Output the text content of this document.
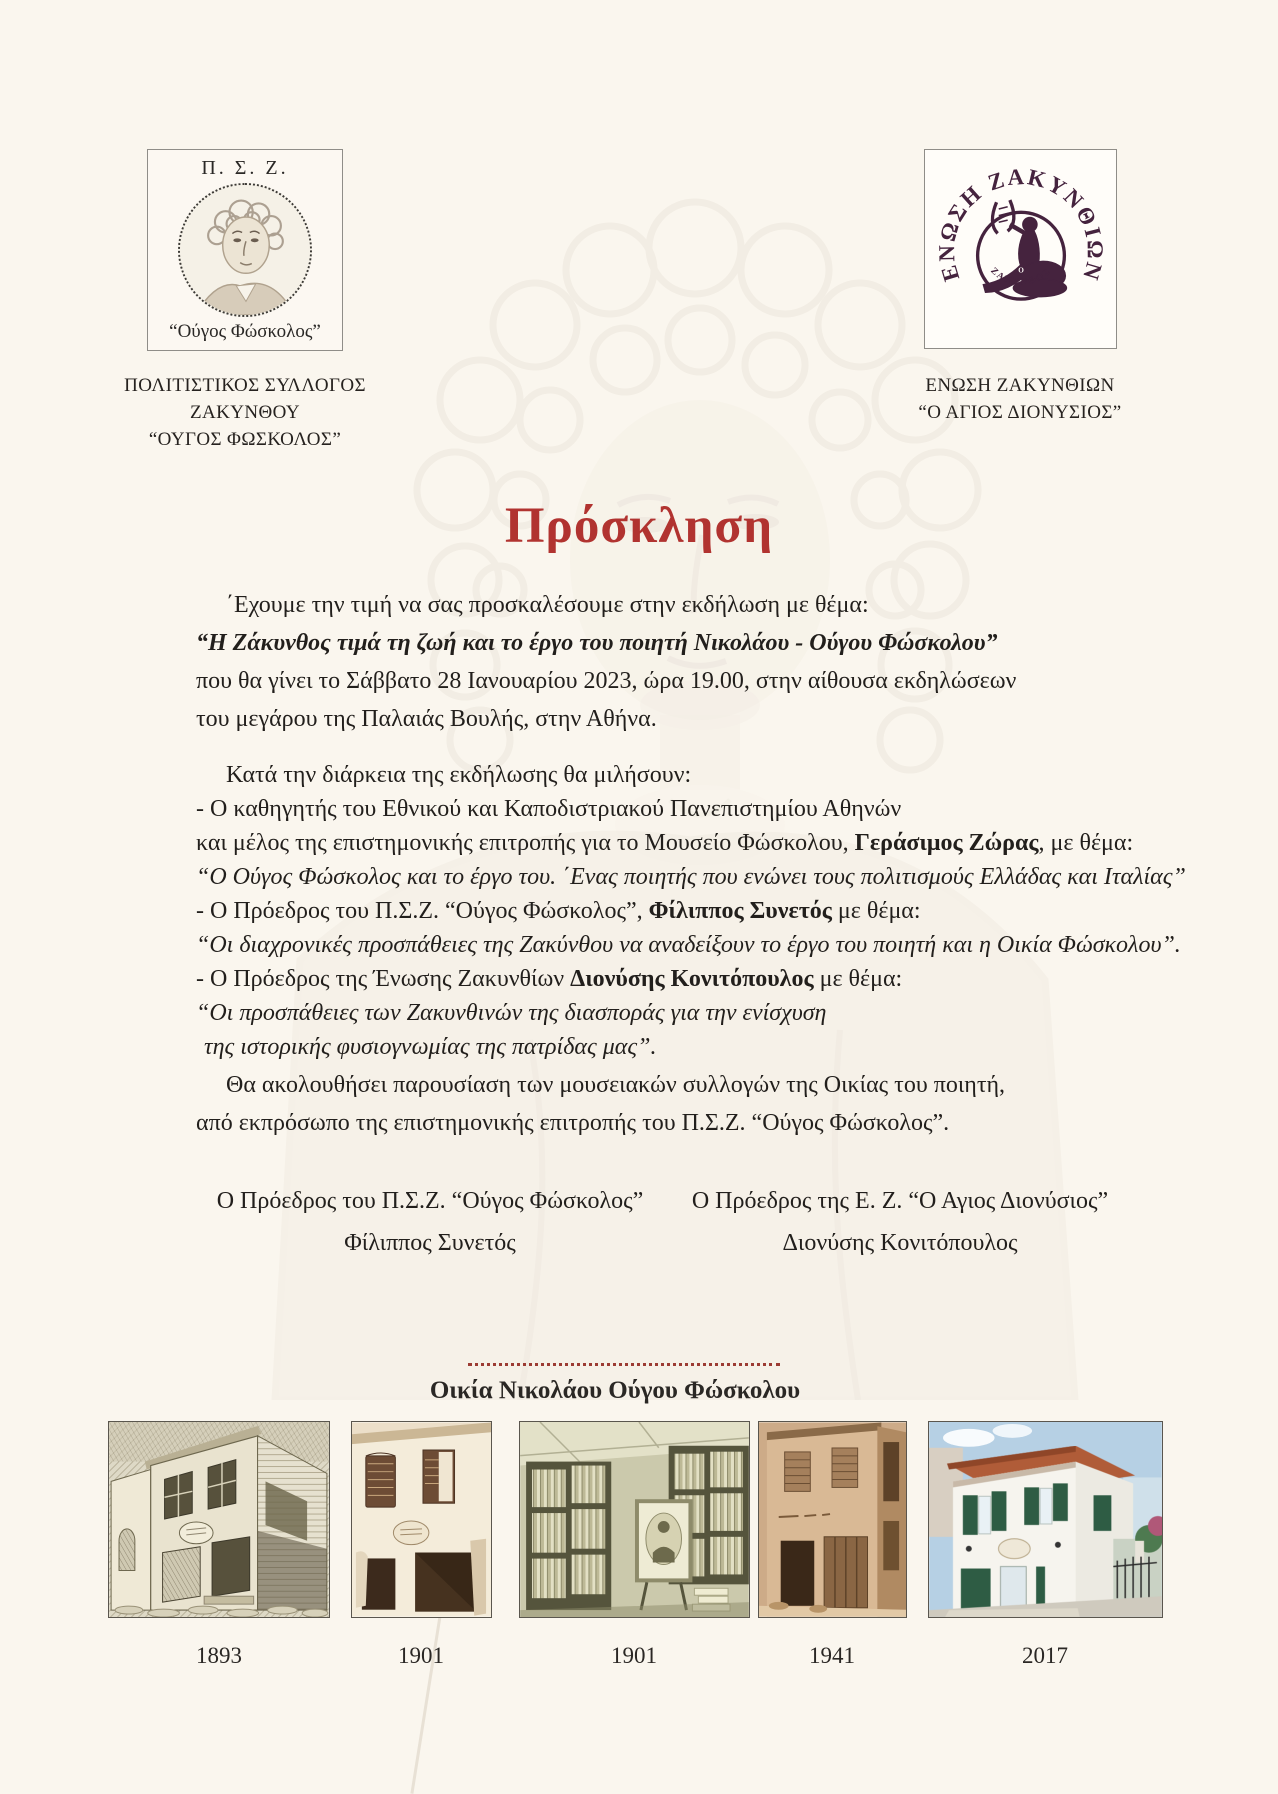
Π. Σ. Ζ.
“Ούγος Φώσκολος”
ΠΟΛΙΤΙΣΤΙΚΟΣ ΣΥΛΛΟΓΟΣ
ΖΑΚΥΝΘΟΥ
“ΟΥΓΟΣ ΦΩΣΚΟΛΟΣ”
ΕΝΩΣΗ ΖΑΚΥΝΘΙΩΝ
Ο
ΖΑΚΥΝΘΟΣ
ΕΝΩΣΗ ΖΑΚΥΝΘΙΩΝ
“Ο ΑΓΙΟΣ ΔΙΟΝΥΣΙΟΣ”
Πρόσκληση
΄Εχουμε την τιμή να σας προσκαλέσουμε στην εκδήλωση με θέμα:
“Η Ζάκυνθος τιμά τη ζωή και το έργο του ποιητή Νικολάου - Ούγου Φώσκολου”
που θα γίνει το Σάββατο 28 Ιανουαρίου 2023, ώρα 19.00, στην αίθουσα εκδηλώσεων
του μεγάρου της Παλαιάς Βουλής, στην Αθήνα.
Κατά την διάρκεια της εκδήλωσης θα μιλήσουν:
- Ο καθηγητής του Εθνικού και Καποδιστριακού Πανεπιστημίου Αθηνών
και μέλος της επιστημονικής επιτροπής για το Μουσείο Φώσκολου, Γεράσιμος Ζώρας, με θέμα:
“Ο Ούγος Φώσκολος και το έργο του. ΄Ενας ποιητής που ενώνει τους πολιτισμούς Ελλάδας και Ιταλίας”
- Ο Πρόεδρος του Π.Σ.Ζ. “Ούγος Φώσκολος”, Φίλιππος Συνετός με θέμα:
“Οι διαχρονικές προσπάθειες της Ζακύνθου να αναδείξουν το έργο του ποιητή και η Οικία Φώσκολου”.
- Ο Πρόεδρος της Ένωσης Ζακυνθίων Διονύσης Κονιτόπουλος με θέμα:
“Οι προσπάθειες των Ζακυνθινών της διασποράς για την ενίσχυση
της ιστορικής φυσιογνωμίας της πατρίδας μας”.
Θα ακολουθήσει παρουσίαση των μουσειακών συλλογών της Οικίας του ποιητή,
από εκπρόσωπο της επιστημονικής επιτροπής του Π.Σ.Ζ. “Ούγος Φώσκολος”.
Ο Πρόεδρος του Π.Σ.Ζ. “Ούγος Φώσκολος”
Φίλιππος Συνετός
Ο Πρόεδρος της Ε. Ζ. “Ο Αγιος Διονύσιος”
Διονύσης Κονιτόπουλος
Οικία Νικολάου Ούγου Φώσκολου
1893	1901	1901	1941	2017
